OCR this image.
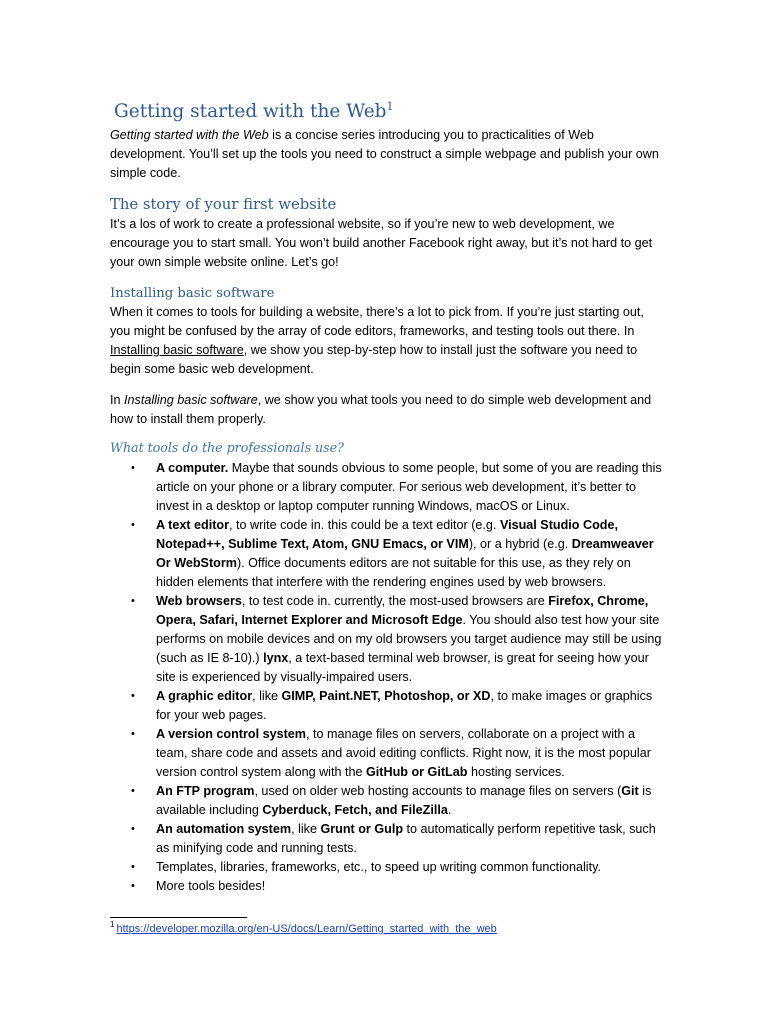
Getting started with the Web$^1$

Getting started with the Web is a concise series introducing you to practicalities of Web development. You’ll set up the tools you need to construct a simple webpage and publish your own simple code.

The story of your first website

It’s a los of work to create a professional website, so if you’re new to web development, we encourage you to start small. You won’t build another Facebook right away, but it’s not hard to get your own simple website online. Let’s go!

Installing basic software

When it comes to tools for building a website, there’s a lot to pick from. If you’re just starting out, you might be confused by the array of code editors, frameworks, and testing tools out there. In Installing basic software, we show you step-by-step how to install just the software you need to begin some basic web development.

In Installing basic software, we show you what tools you need to do simple web development and how to install them properly.

What tools do the professionals use?
•	A computer. Maybe that sounds obvious to some people, but some of you are reading this article on your phone or a library computer. For serious web development, it’s better to invest in a desktop or laptop computer running Windows, macOS or Linux.
•	A text editor, to write code in. this could be a text editor (e.g. Visual Studio Code, Notepad++, Sublime Text, Atom, GNU Emacs, or VIM), or a hybrid (e.g. Dreamweaver Or WebStorm). Office documents editors are not suitable for this use, as they rely on hidden elements that interfere with the rendering engines used by web browsers.
•	Web browsers, to test code in. currently, the most-used browsers are Firefox, Chrome, Opera, Safari, Internet Explorer and Microsoft Edge. You should also test how your site performs on mobile devices and on my old browsers you target audience may still be using (such as IE 8-10).) lynx, a text-based terminal web browser, is great for seeing how your site is experienced by visually-impaired users.
•	A graphic editor, like GIMP, Paint.NET, Photoshop, or XD, to make images or graphics for your web pages.
•	A version control system, to manage files on servers, collaborate on a project with a team, share code and assets and avoid editing conflicts. Right now, it is the most popular version control system along with the GitHub or GitLab hosting services.
•	An FTP program, used on older web hosting accounts to manage files on servers (Git is available including Cyberduck, Fetch, and FileZilla.
•	An automation system, like Grunt or Gulp to automatically perform repetitive task, such as minifying code and running tests.
•	Templates, libraries, frameworks, etc., to speed up writing common functionality.
•	More tools besides!
$^1$ https://developer.mozilla.org/en-US/docs/Learn/Getting_started_with_the_web
